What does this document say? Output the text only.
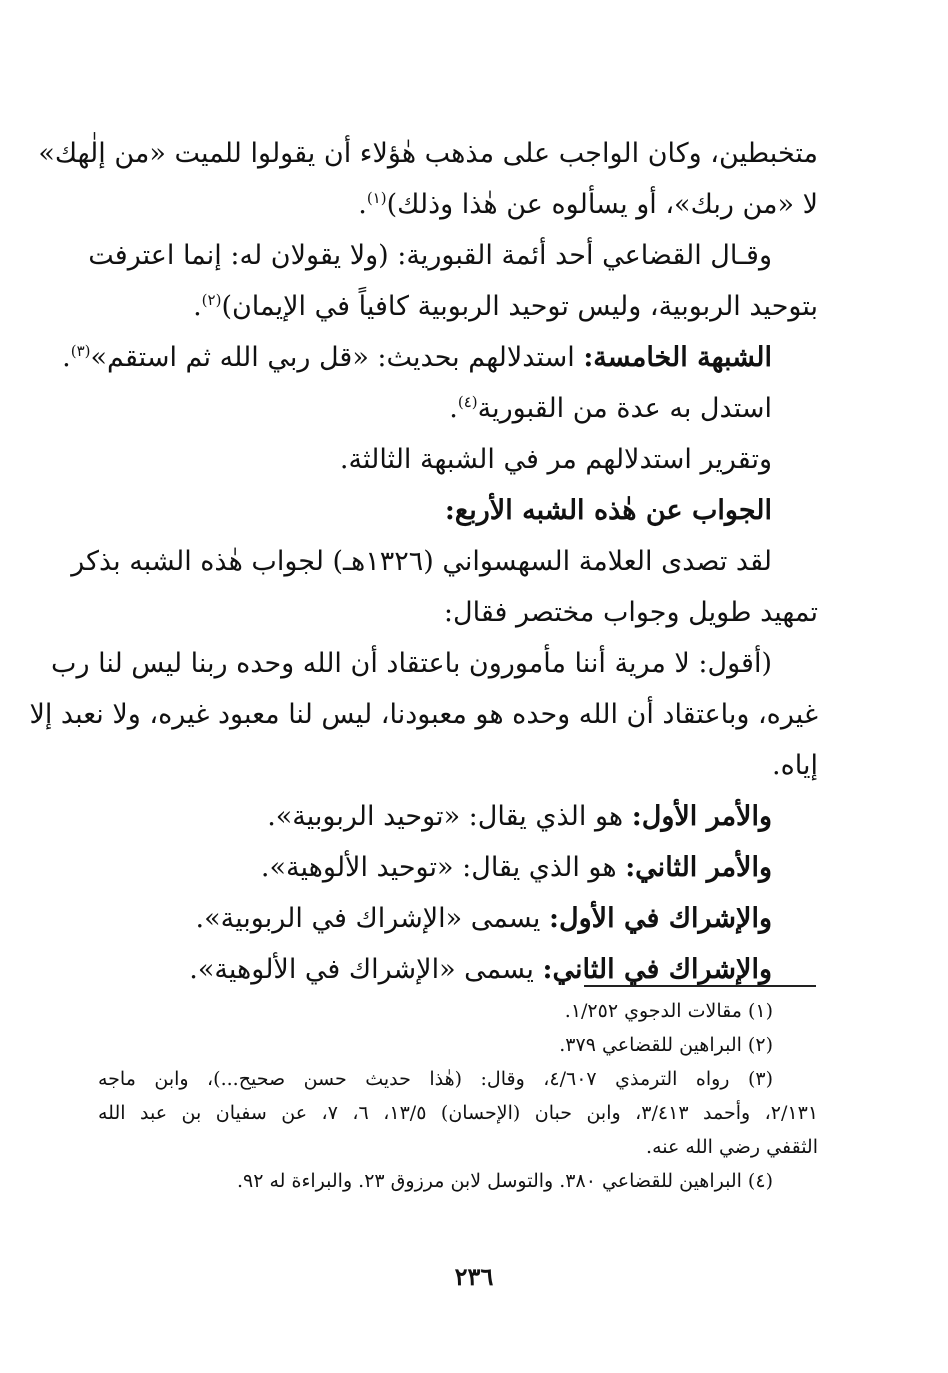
متخبطين، وكان الواجب على مذهب هٰؤلاء أن يقولوا للميت «من إلٰهك»
لا «من ربك»، أو يسألوه عن هٰذا وذلك)$^{(١)}$.
وقـال القضاعي أحد أئمة القبورية: (ولا يقولان له: إنما اعترفت
بتوحيد الربوبية، وليس توحيد الربوبية كافياً في الإيمان)$^{(٢)}$.
الشبهة الخامسة: استدلالهم بحديث: «قل ربي الله ثم استقم»$^{(٣)}$.
استدل به عدة من القبورية$^{(٤)}$.
وتقرير استدلالهم مر في الشبهة الثالثة.
الجواب عن هٰذه الشبه الأربع:
لقد تصدى العلامة السهسواني (١٣٢٦هـ) لجواب هٰذه الشبه بذكر
تمهيد طويل وجواب مختصر فقال:
(أقول: لا مرية أننا مأمورون باعتقاد أن الله وحده ربنا ليس لنا رب
غيره، وباعتقاد أن الله وحده هو معبودنا، ليس لنا معبود غيره، ولا نعبد إلا
إياه.
والأمر الأول: هو الذي يقال: «توحيد الربوبية».
والأمر الثاني: هو الذي يقال: «توحيد الألوهية».
والإشراك في الأول: يسمى «الإشراك في الربوبية».
والإشراك في الثاني: يسمى «الإشراك في الألوهية».
(١) مقالات الدجوي ١/٢٥٢.
(٢) البراهين للقضاعي ٣٧٩.
(٣) رواه الترمذي ٤/٦٠٧، وقال: (هٰذا حديث حسن صحيح...)، وابن ماجه
٢/١٣١، وأحمد ٣/٤١٣، وابن حبان (الإحسان) ١٣/٥، ٦، ٧، عن سفيان بن عبد الله
الثقفي رضي الله عنه.
(٤) البراهين للقضاعي ٣٨٠. والتوسل لابن مرزوق ٢٣. والبراءة له ٩٢.
٢٣٦
